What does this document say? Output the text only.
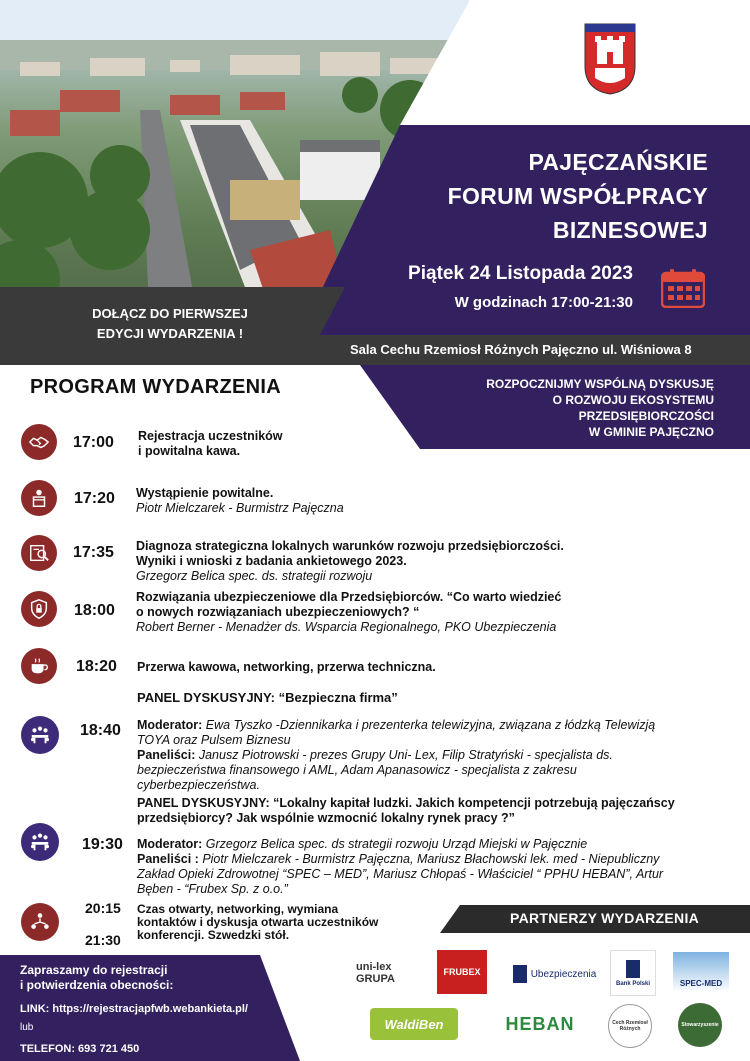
PAJĘCZAŃSKIE
FORUM WSPÓŁPRACY
BIZNESOWEJ
Piątek 24 Listopada 2023
W godzinach 17:00-21:30
DOŁĄCZ DO PIERWSZEJ
EDYCJI WYDARZENIA !
Sala Cechu Rzemiosł Różnych Pajęczno ul. Wiśniowa 8
PROGRAM WYDARZENIA	ROZPOCZNIJMY WSPÓLNĄ DYSKUSJĘ
O ROZWOJU EKOSYSTEMU
PRZEDSIĘBIORCZOŚCI
W GMINIE PAJĘCZNO
17:00 Rejestracja uczestników
i powitalna kawa.
17:20 Wystąpienie powitalne.
Piotr Mielczarek - Burmistrz Pajęczna
17:35 Diagnoza strategiczna lokalnych warunków rozwoju przedsiębiorczości.
Wyniki i wnioski z badania ankietowego 2023.
Grzegorz Belica spec. ds. strategii rozwoju
18:00
Rozwiązania ubezpieczeniowe dla Przedsiębiorców. “Co warto wiedzieć
o nowych rozwiązaniach ubezpieczeniowych? “
Robert Berner - Menadżer ds. Wsparcia Regionalnego, PKO Ubezpieczenia
18:20 Przerwa kawowa, networking, przerwa techniczna.
PANEL DYSKUSYJNY: “Bezpieczna firma”
18:40 Moderator: Ewa Tyszko -Dziennikarka i prezenterka telewizyjna, związana z łódzką Telewizją
TOYA oraz Pulsem Biznesu
Paneliści: Janusz Piotrowski - prezes Grupy Uni- Lex, Filip Stratyński - specjalista ds.
bezpieczeństwa finansowego i AML, Adam Apanasowicz - specjalista z zakresu
cyberbezpieczeństwa.
PANEL DYSKUSYJNY: “Lokalny kapitał ludzki. Jakich kompetencji potrzebują pajęczańscy
przedsiębiorcy? Jak wspólnie wzmocnić lokalny rynek pracy ?”
19:30 Moderator: Grzegorz Belica spec. ds strategii rozwoju Urząd Miejski w Pajęcznie
Paneliści : Piotr Mielczarek - Burmistrz Pajęczna, Mariusz Błachowski lek. med - Niepubliczny
Zakład Opieki Zdrowotnej “SPEC – MED”, Mariusz Chłopaś - Właściciel “ PPHU HEBAN”, Artur
Bęben - “Frubex Sp. z o.o.”
20:15
21:30
Czas otwarty, networking, wymiana
kontaktów i dyskusja otwarta uczestników
konferencji. Szwedzki stół.
PARTNERZY WYDARZENIA
uni-lex GRUPA
FRUBEX	Ubezpieczenia
Bank Polski	SPEC-MED
WaldiBen	HEBAN	Cech Rzemiosł Różnych
Stowarzyszenie
Zapraszamy do rejestracji
i potwierdzenia obecności:
LINK: https://rejestracjapfwb.webankieta.pl/
lub
TELEFON: 693 721 450
